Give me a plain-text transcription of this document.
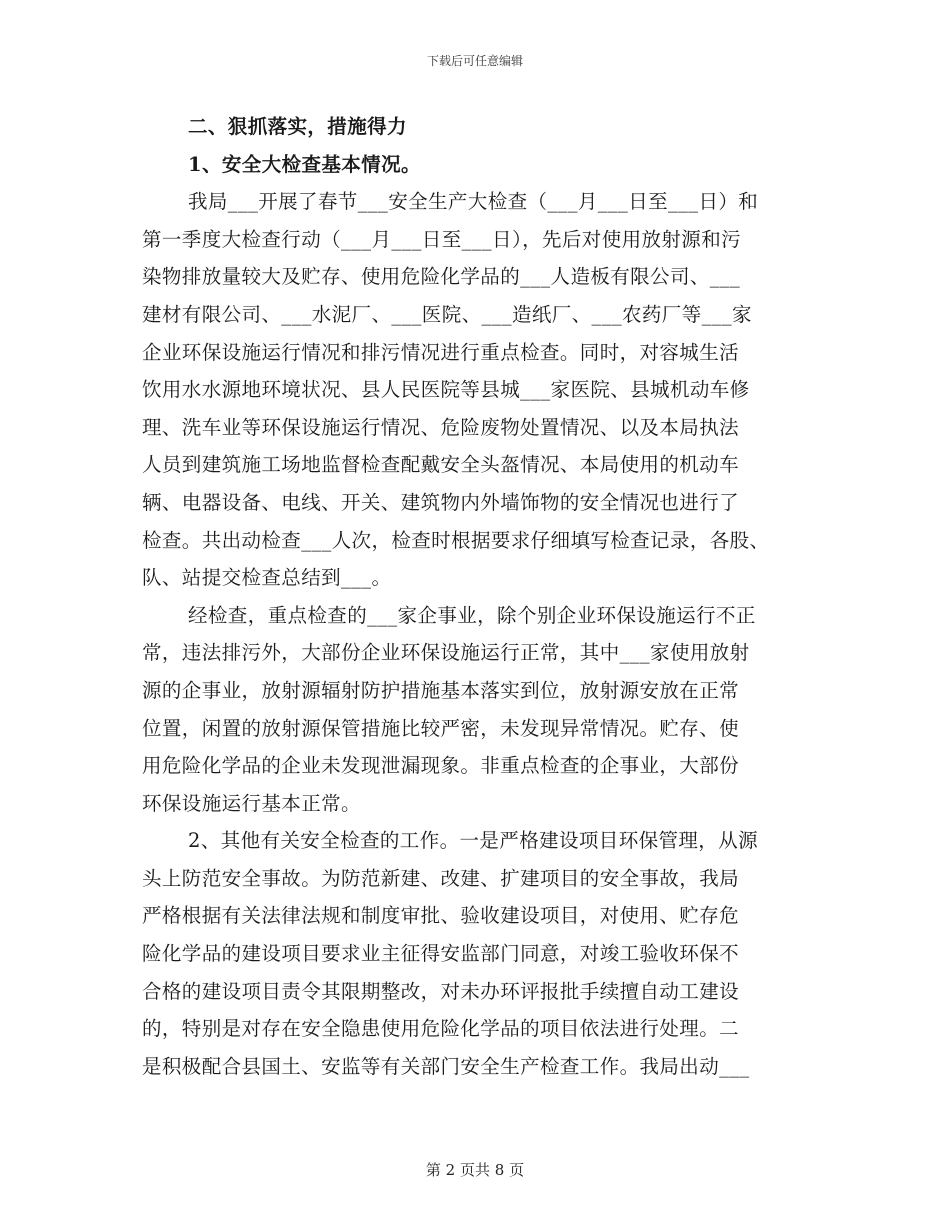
下载后可任意编辑
二、狠抓落实，措施得力
1、安全大检查基本情况。
我局___开展了春节___安全生产大检查（___月___日至___日）和
第一季度大检查行动（___月___日至___日），先后对使用放射源和污
染物排放量较大及贮存、使用危险化学品的___人造板有限公司、___
建材有限公司、___水泥厂、___医院、___造纸厂、___农药厂等___家
企业环保设施运行情况和排污情况进行重点检查。同时，对容城生活
饮用水水源地环境状况、县人民医院等县城___家医院、县城机动车修
理、洗车业等环保设施运行情况、危险废物处置情况、以及本局执法
人员到建筑施工场地监督检查配戴安全头盔情况、本局使用的机动车
辆、电器设备、电线、开关、建筑物内外墙饰物的安全情况也进行了
检查。共出动检查___人次，检查时根据要求仔细填写检查记录，各股、
队、站提交检查总结到___。
经检查，重点检查的___家企事业，除个别企业环保设施运行不正
常，违法排污外，大部份企业环保设施运行正常，其中___家使用放射
源的企事业，放射源辐射防护措施基本落实到位，放射源安放在正常
位置，闲置的放射源保管措施比较严密，未发现异常情况。贮存、使
用危险化学品的企业未发现泄漏现象。非重点检查的企事业，大部份
环保设施运行基本正常。
2、其他有关安全检查的工作。一是严格建设项目环保管理，从源
头上防范安全事故。为防范新建、改建、扩建项目的安全事故，我局
严格根据有关法律法规和制度审批、验收建设项目，对使用、贮存危
险化学品的建设项目要求业主征得安监部门同意，对竣工验收环保不
合格的建设项目责令其限期整改，对未办环评报批手续擅自动工建设
的，特别是对存在安全隐患使用危险化学品的项目依法进行处理。二
是积极配合县国土、安监等有关部门安全生产检查工作。我局出动___
第 2 页共 8 页
